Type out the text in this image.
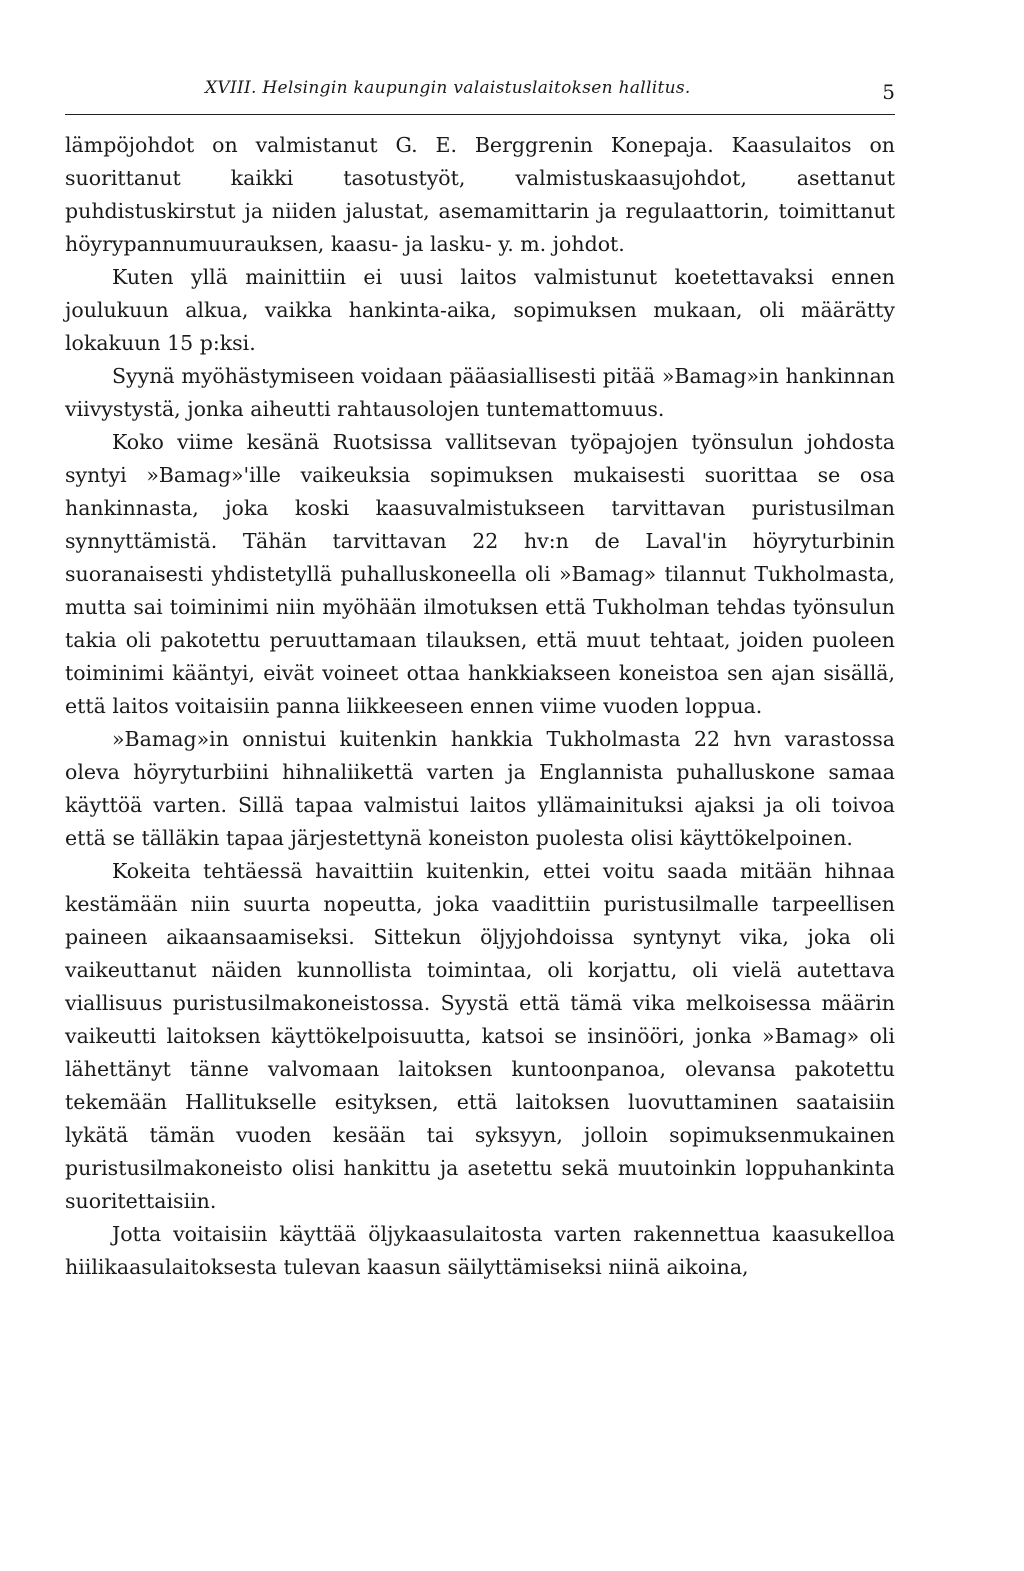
XVIII. Helsingin kaupungin valaistuslaitoksen hallitus.	5

lämpöjohdot on valmistanut G. E. Berggrenin Konepaja. Kaasulaitos on suorittanut kaikki tasotustyöt, valmistuskaasujohdot, asettanut puhdistuskirstut ja niiden jalustat, asemamittarin ja regulaattorin, toimittanut höyrypannumuurauksen, kaasu- ja lasku- y. m. johdot.

Kuten yllä mainittiin ei uusi laitos valmistunut koetettavaksi ennen joulukuun alkua, vaikka hankinta-aika, sopimuksen mukaan, oli määrätty lokakuun 15 p:ksi.

Syynä myöhästymiseen voidaan pääasiallisesti pitää »Bamag»in hankinnan viivystystä, jonka aiheutti rahtausolojen tuntemattomuus.

Koko viime kesänä Ruotsissa vallitsevan työpajojen työnsulun johdosta syntyi »Bamag»'ille vaikeuksia sopimuksen mukaisesti suorittaa se osa hankinnasta, joka koski kaasuvalmistukseen tarvittavan puristusilman synnyttämistä. Tähän tarvittavan 22 hv:n de Laval'in höyryturbinin suoranaisesti yhdistetyllä puhalluskoneella oli »Bamag» tilannut Tukholmasta, mutta sai toiminimi niin myöhään ilmotuksen että Tukholman tehdas työnsulun takia oli pakotettu peruuttamaan tilauksen, että muut tehtaat, joiden puoleen toiminimi kääntyi, eivät voineet ottaa hankkiakseen koneistoa sen ajan sisällä, että laitos voitaisiin panna liikkeeseen ennen viime vuoden loppua.

»Bamag»in onnistui kuitenkin hankkia Tukholmasta 22 hvn varastossa oleva höyryturbiini hihnaliikettä varten ja Englannista puhalluskone samaa käyttöä varten. Sillä tapaa valmistui laitos yllämainituksi ajaksi ja oli toivoa että se tälläkin tapaa järjestettynä koneiston puolesta olisi käyttökelpoinen.

Kokeita tehtäessä havaittiin kuitenkin, ettei voitu saada mitään hihnaa kestämään niin suurta nopeutta, joka vaadittiin puristusilmalle tarpeellisen paineen aikaansaamiseksi. Sittekun öljyjohdoissa syntynyt vika, joka oli vaikeuttanut näiden kunnollista toimintaa, oli korjattu, oli vielä autettava viallisuus puristusilmakoneistossa. Syystä että tämä vika melkoisessa määrin vaikeutti laitoksen käyttökelpoisuutta, katsoi se insinööri, jonka »Bamag» oli lähettänyt tänne valvomaan laitoksen kuntoonpanoa, olevansa pakotettu tekemään Hallitukselle esityksen, että laitoksen luovuttaminen saataisiin lykätä tämän vuoden kesään tai syksyyn, jolloin sopimuksenmukainen puristusilmakoneisto olisi hankittu ja asetettu sekä muutoinkin loppuhankinta suoritettaisiin.

Jotta voitaisiin käyttää öljykaasulaitosta varten rakennettua kaasukelloa hiilikaasulaitoksesta tulevan kaasun säilyttämiseksi niinä aikoina,
